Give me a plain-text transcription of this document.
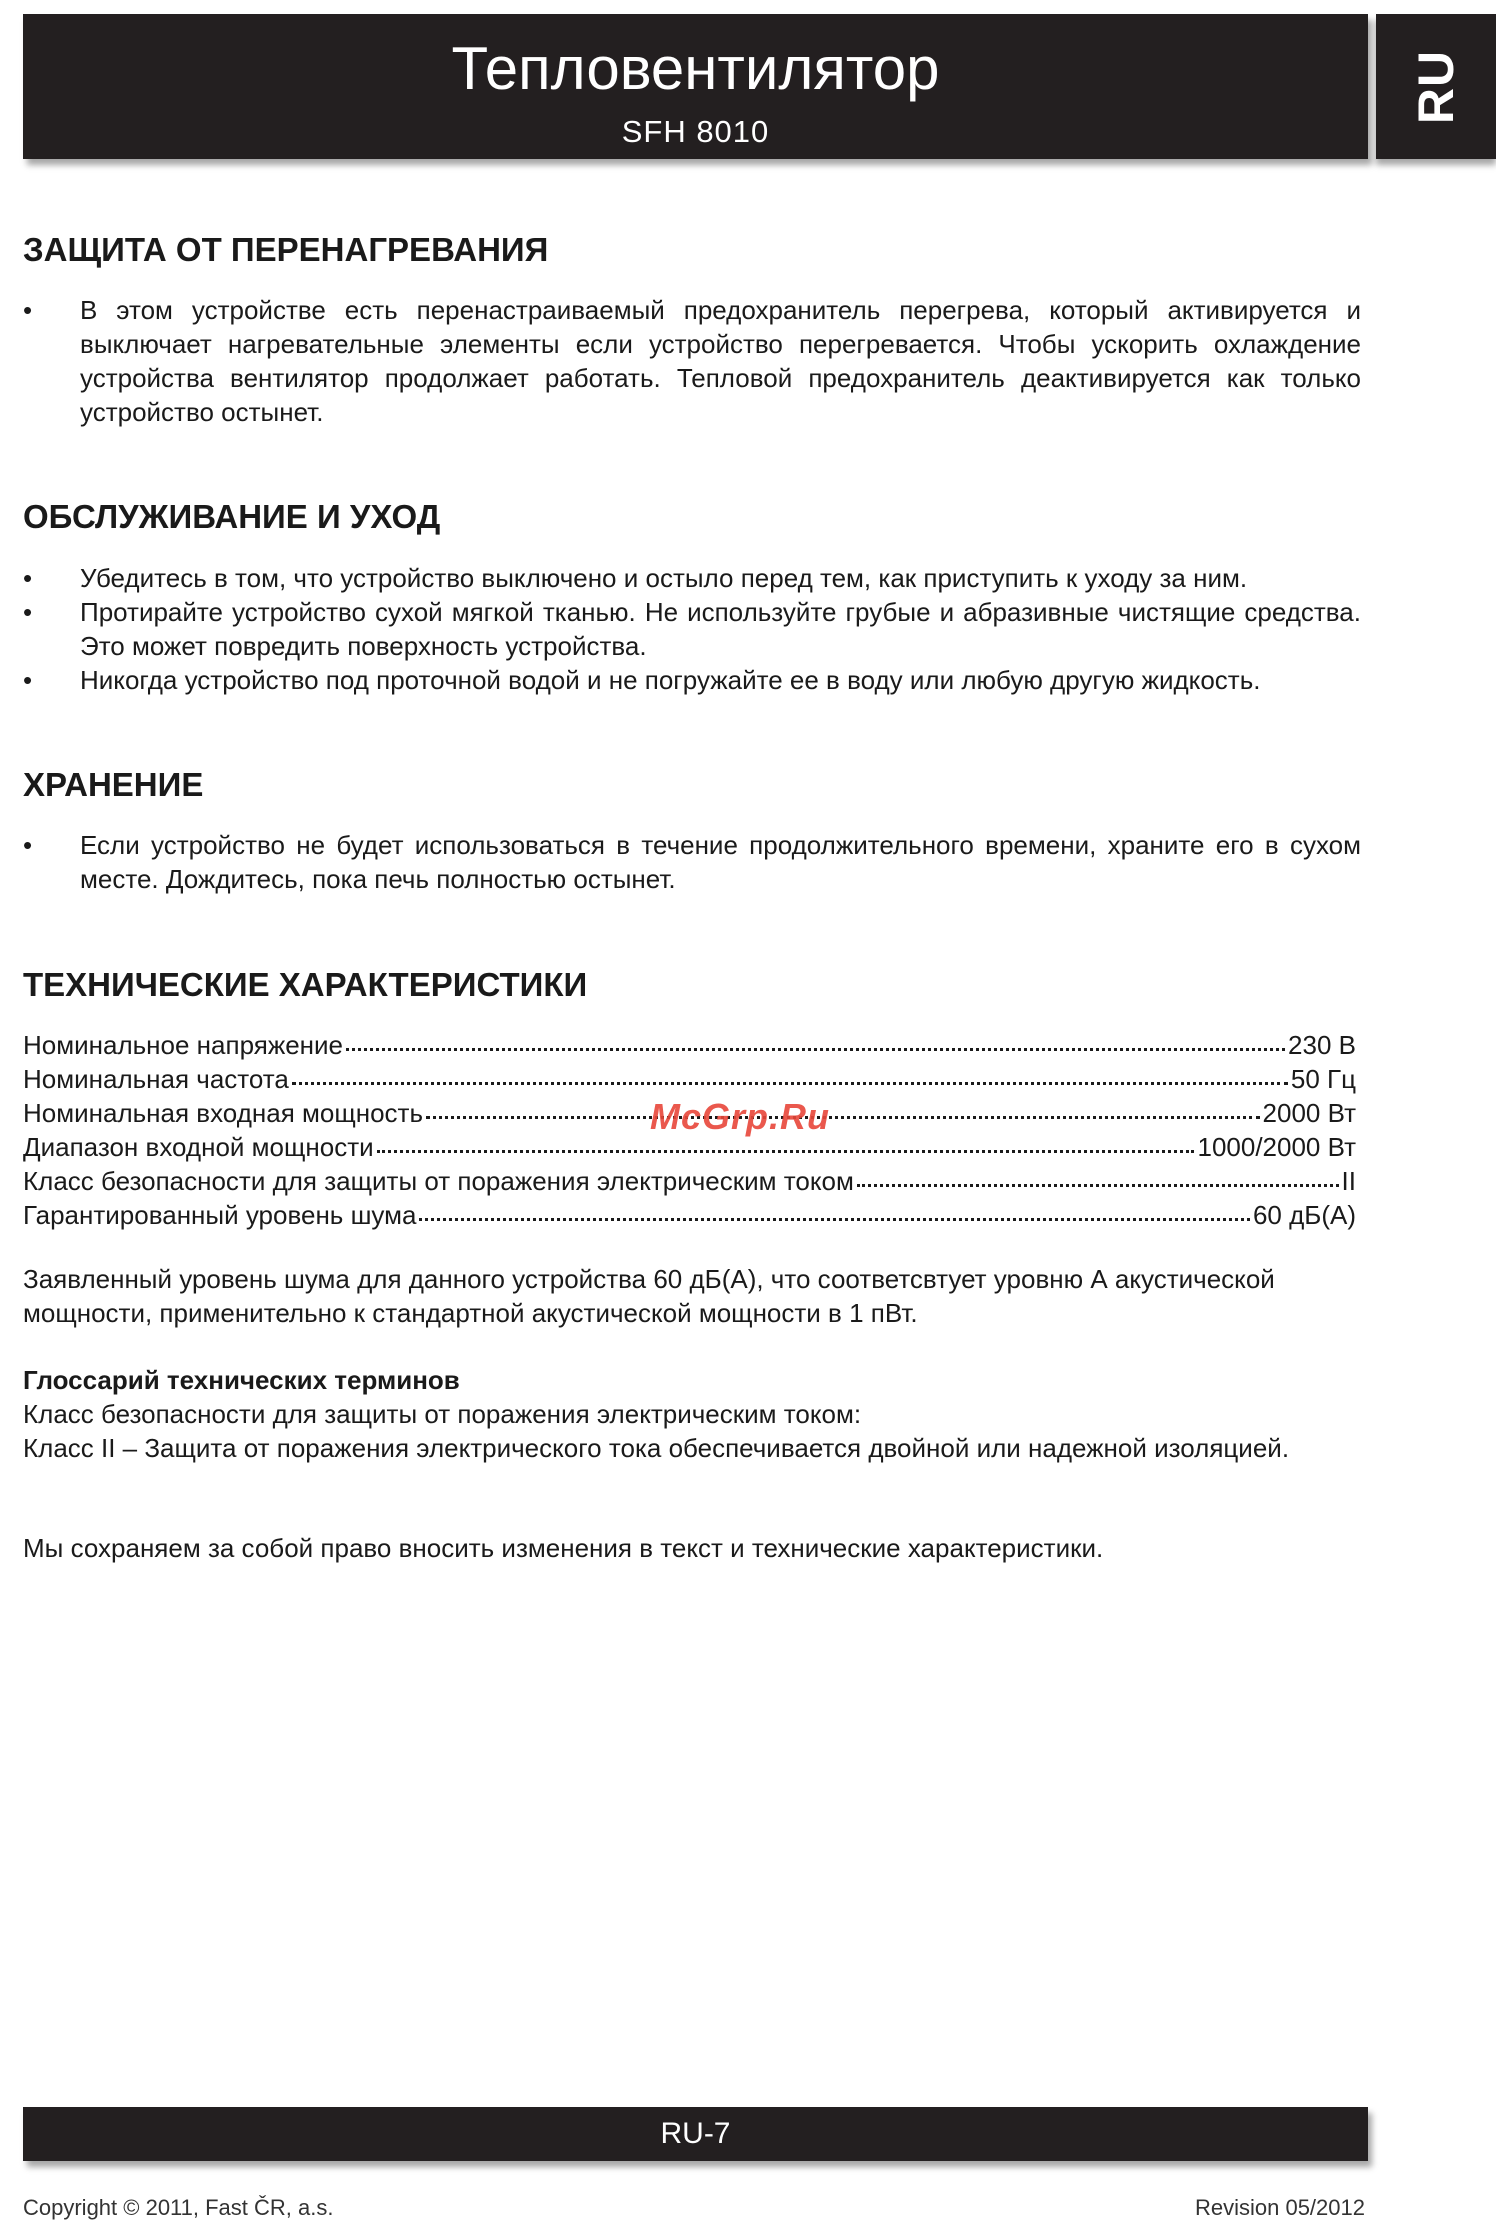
Тепловентилятор
SFH 8010
RU
ЗАЩИТА ОТ ПЕРЕНАГРЕВАНИЯ
• В этом устройстве есть перенастраиваемый предохранитель перегрева, который активируется и выключает нагревательные элементы если устройство перегревается. Чтобы ускорить охлаждение устройства вентилятор продолжает работать. Тепловой предохранитель деактивируется как только устройство остынет.
ОБСЛУЖИВАНИЕ И УХОД
• Убедитесь в том, что устройство выключено и остыло перед тем, как приступить к уходу за ним.
• Протирайте устройство сухой мягкой тканью. Не используйте грубые и абразивные чистящие средства. Это может повредить поверхность устройства.
• Никогда устройство под проточной водой и не погружайте ее в воду или любую другую жидкость.
ХРАНЕНИЕ
• Если устройство не будет использоваться в течение продолжительного времени, храните его в сухом месте. Дождитесь, пока печь полностью остынет.
ТЕХНИЧЕСКИЕ ХАРАКТЕРИСТИКИ
Номинальное напряжение	230 В
Номинальная частота	50 Гц
Номинальная входная мощность	2000 Вт
Диапазон входной мощности	1000/2000 Вт
Класс безопасности для защиты от поражения электрическим током	II
Гарантированный уровень шума	60 дБ(А)

Заявленный уровень шума для данного устройства 60 дБ(А), что соответсвтует уровню А акустической мощности, применительно к стандартной акустической мощности в 1 пВт.

Глоссарий технических терминов

Класс безопасности для защиты от поражения электрическим током:

Класс II – Защита от поражения электрического тока обеспечивается двойной или надежной изоляцией.

Мы сохраняем за собой право вносить изменения в текст и технические характеристики.

McGrp.Ru
RU-7
Copyright © 2011, Fast ČR, a.s.	Revision 05/2012
